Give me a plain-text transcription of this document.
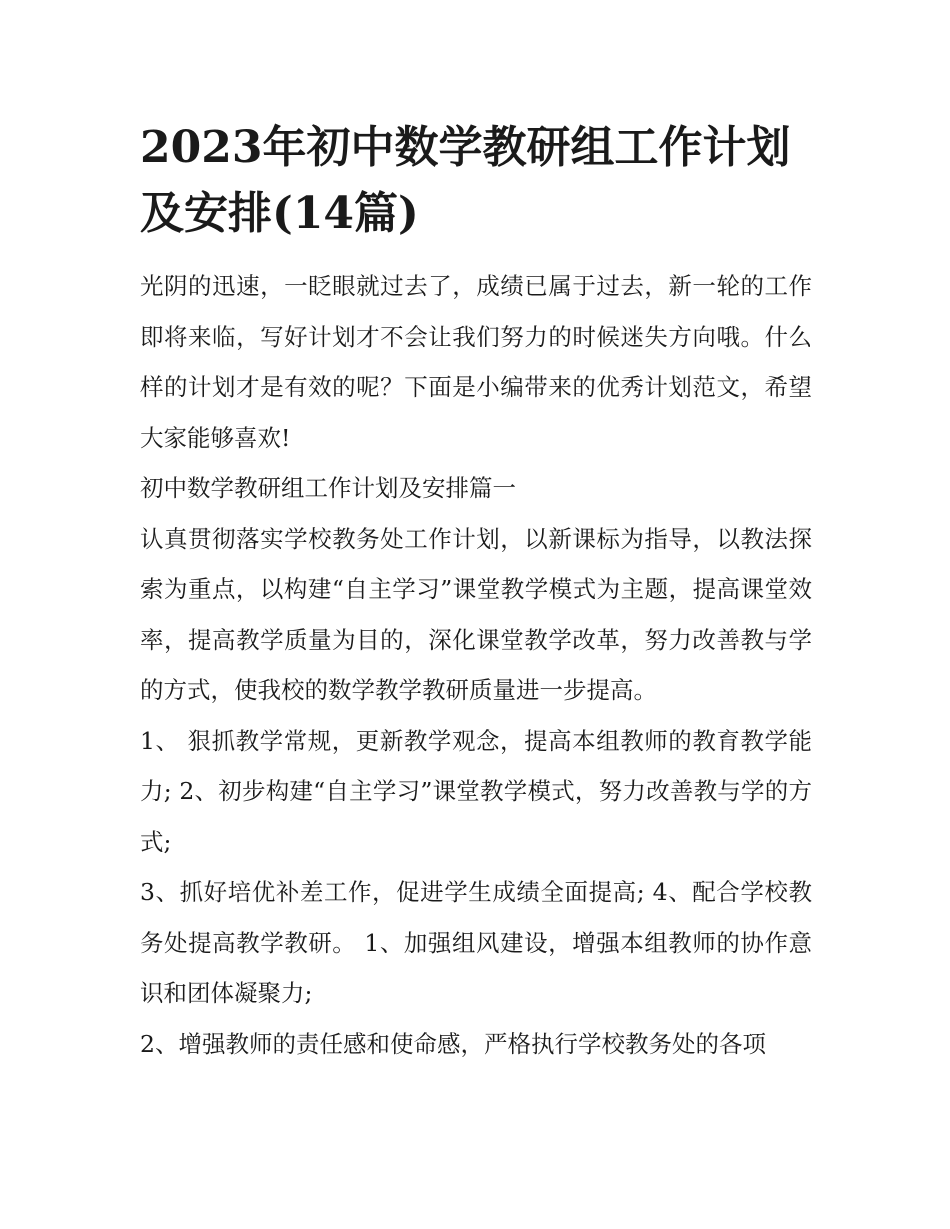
2023年初中数学教研组工作计划及安排(14篇)

光阴的迅速，一眨眼就过去了，成绩已属于过去，新一轮的工作即将来临，写好计划才不会让我们努力的时候迷失方向哦。什么样的计划才是有效的呢？下面是小编带来的优秀计划范文，希望大家能够喜欢!

初中数学教研组工作计划及安排篇一

认真贯彻落实学校教务处工作计划，以新课标为指导，以教法探索为重点，以构建“自主学习”课堂教学模式为主题，提高课堂效率，提高教学质量为目的，深化课堂教学改革，努力改善教与学的方式，使我校的数学教学教研质量进一步提高。

1、 狠抓教学常规，更新教学观念，提高本组教师的教育教学能力; 2、初步构建“自主学习”课堂教学模式，努力改善教与学的方式;

3、抓好培优补差工作，促进学生成绩全面提高; 4、配合学校教务处提高教学教研。 1、加强组风建设，增强本组教师的协作意识和团体凝聚力;

2、增强教师的责任感和使命感，严格执行学校教务处的各项
